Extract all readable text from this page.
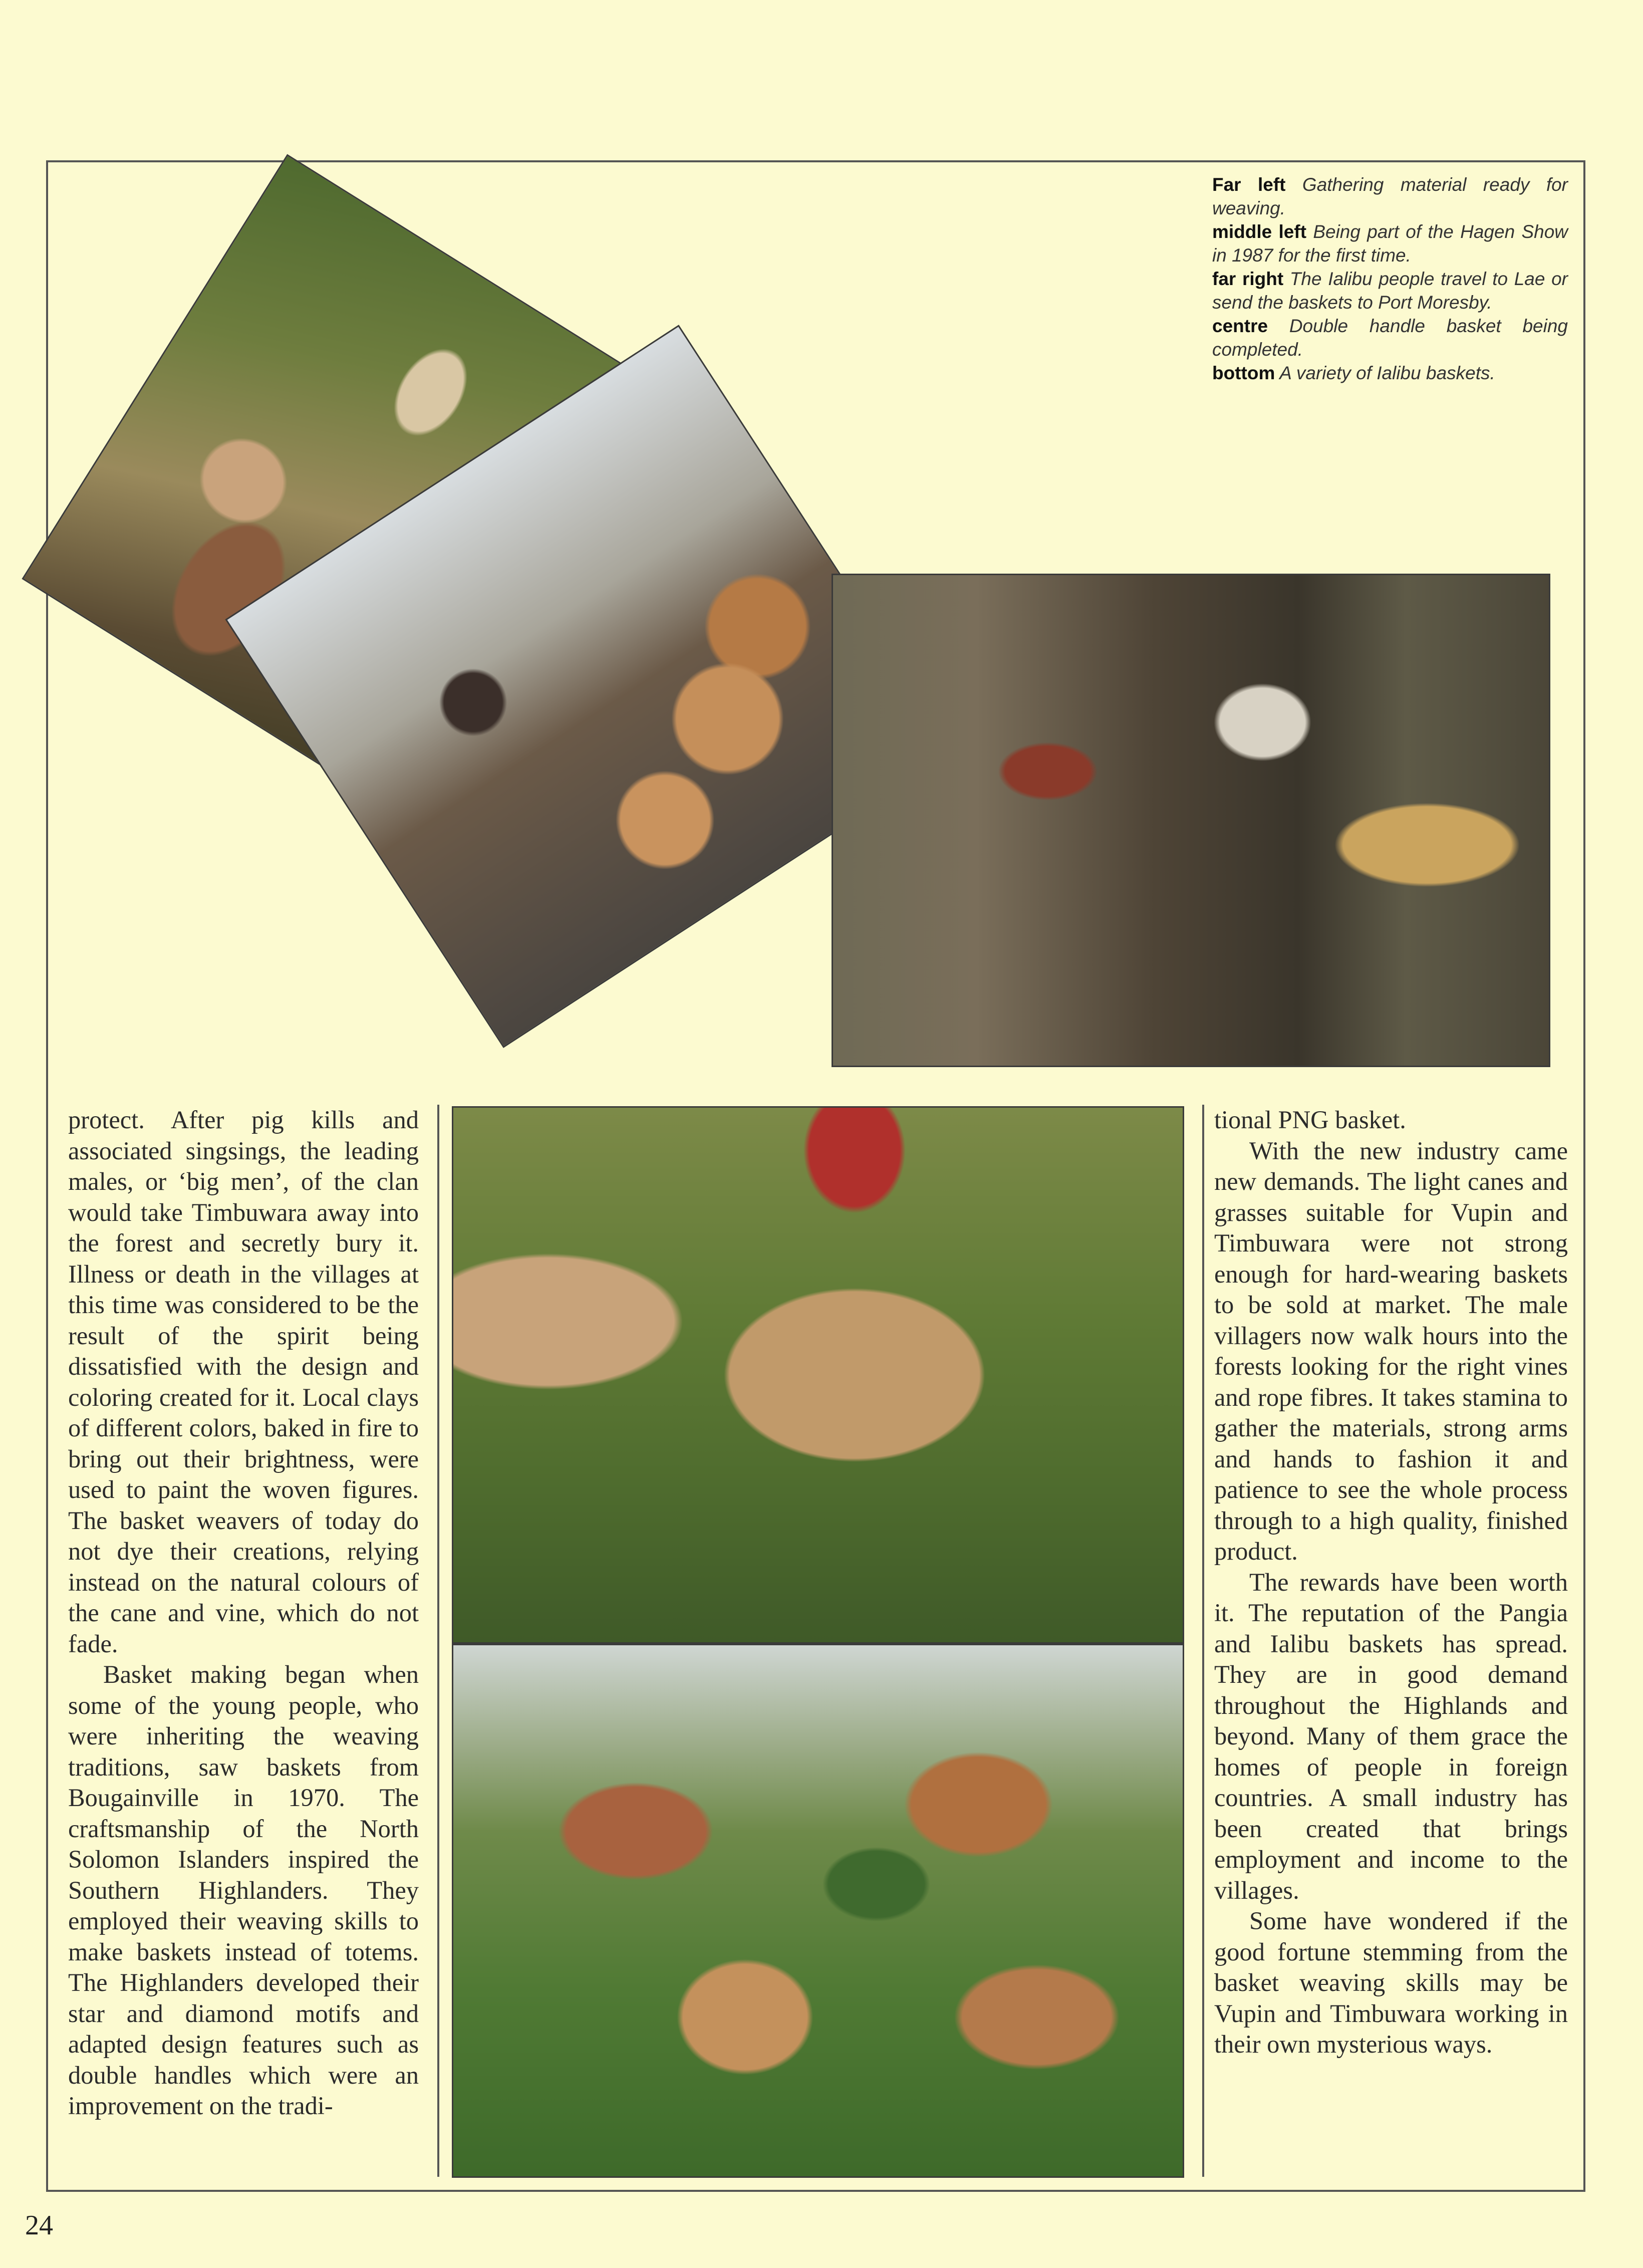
Far left Gathering material ready for weaving.

middle left Being part of the Hagen Show in 1987 for the first time.

far right The Ialibu people travel to Lae or send the baskets to Port Moresby.

centre Double handle basket being completed.

bottom A variety of Ialibu baskets.

protect. After pig kills and associated singsings, the leading males, or ‘big men’, of the clan would take Timbuwara away into the forest and secretly bury it. Illness or death in the villages at this time was considered to be the result of the spirit being dissatisfied with the design and coloring created for it. Local clays of different colors, baked in fire to bring out their brightness, were used to paint the woven figures. The basket weavers of today do not dye their creations, relying instead on the natural colours of the cane and vine, which do not fade.

Basket making began when some of the young people, who were inheriting the weaving traditions, saw baskets from Bougainville in 1970. The craftsmanship of the North Solomon Islanders inspired the Southern Highlanders. They employed their weaving skills to make baskets instead of totems. The Highlanders developed their star and diamond motifs and adapted design features such as double handles which were an improvement on the tradi-

tional PNG basket.

With the new industry came new demands. The light canes and grasses suitable for Vupin and Timbuwara were not strong enough for hard-wearing baskets to be sold at market. The male villagers now walk hours into the forests looking for the right vines and rope fibres. It takes stamina to gather the materials, strong arms and hands to fashion it and patience to see the whole process through to a high quality, finished product.

The rewards have been worth it. The reputation of the Pangia and Ialibu baskets has spread. They are in good demand throughout the Highlands and beyond. Many of them grace the homes of people in foreign countries. A small industry has been created that brings employment and income to the villages.

Some have wondered if the good fortune stemming from the basket weaving skills may be Vupin and Timbuwara working in their own mysterious ways.

24
